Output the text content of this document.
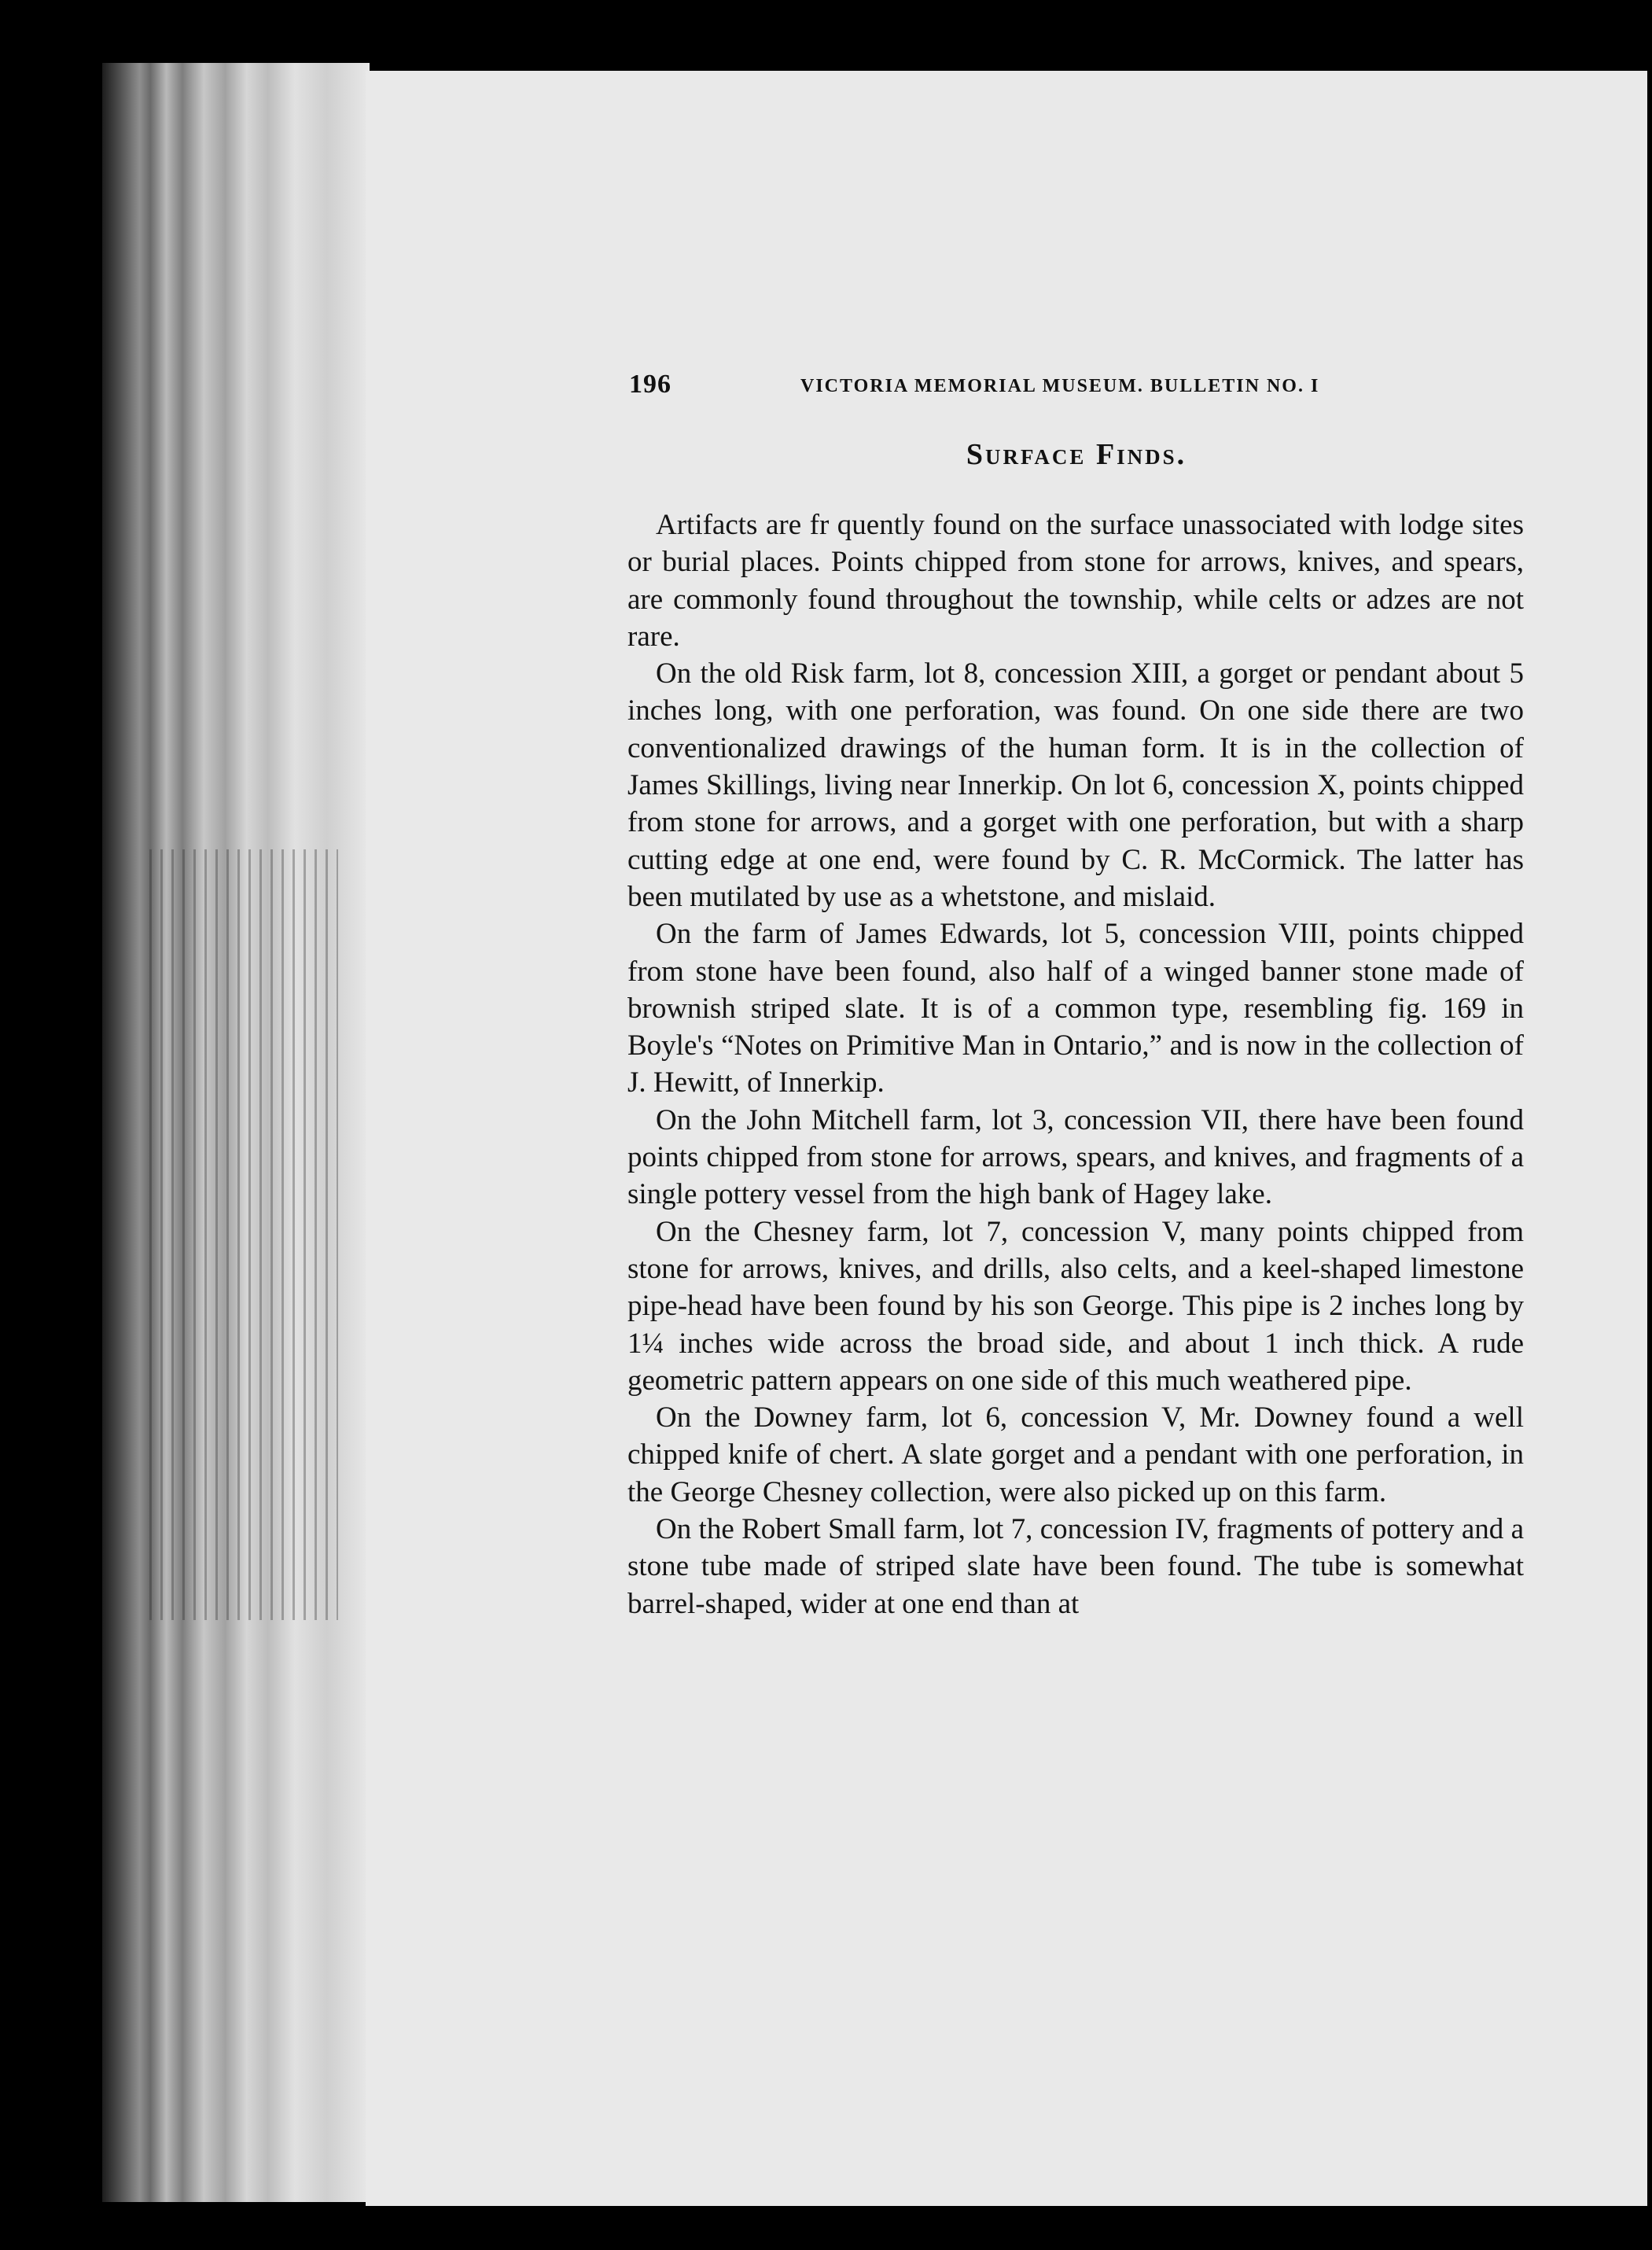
196	VICTORIA MEMORIAL MUSEUM. BULLETIN NO. I
Surface Finds.

Artifacts are fr quently found on the surface unassociated with lodge sites or burial places. Points chipped from stone for arrows, knives, and spears, are commonly found throughout the township, while celts or adzes are not rare.

On the old Risk farm, lot 8, concession XIII, a gorget or pendant about 5 inches long, with one perforation, was found. On one side there are two conventionalized drawings of the human form. It is in the collection of James Skillings, living near Innerkip. On lot 6, concession X, points chipped from stone for arrows, and a gorget with one perforation, but with a sharp cutting edge at one end, were found by C. R. McCormick. The latter has been mutilated by use as a whetstone, and mislaid.

On the farm of James Edwards, lot 5, concession VIII, points chipped from stone have been found, also half of a winged banner stone made of brownish striped slate. It is of a common type, resembling fig. 169 in Boyle's “Notes on Primitive Man in Ontario,” and is now in the collection of J. Hewitt, of Innerkip.

On the John Mitchell farm, lot 3, concession VII, there have been found points chipped from stone for arrows, spears, and knives, and fragments of a single pottery vessel from the high bank of Hagey lake.

On the Chesney farm, lot 7, concession V, many points chipped from stone for arrows, knives, and drills, also celts, and a keel-shaped limestone pipe-head have been found by his son George. This pipe is 2 inches long by 1¼ inches wide across the broad side, and about 1 inch thick. A rude geometric pattern appears on one side of this much weathered pipe.

On the Downey farm, lot 6, concession V, Mr. Downey found a well chipped knife of chert. A slate gorget and a pendant with one perforation, in the George Chesney collection, were also picked up on this farm.

On the Robert Small farm, lot 7, concession IV, fragments of pottery and a stone tube made of striped slate have been found. The tube is somewhat barrel-shaped, wider at one end than at
